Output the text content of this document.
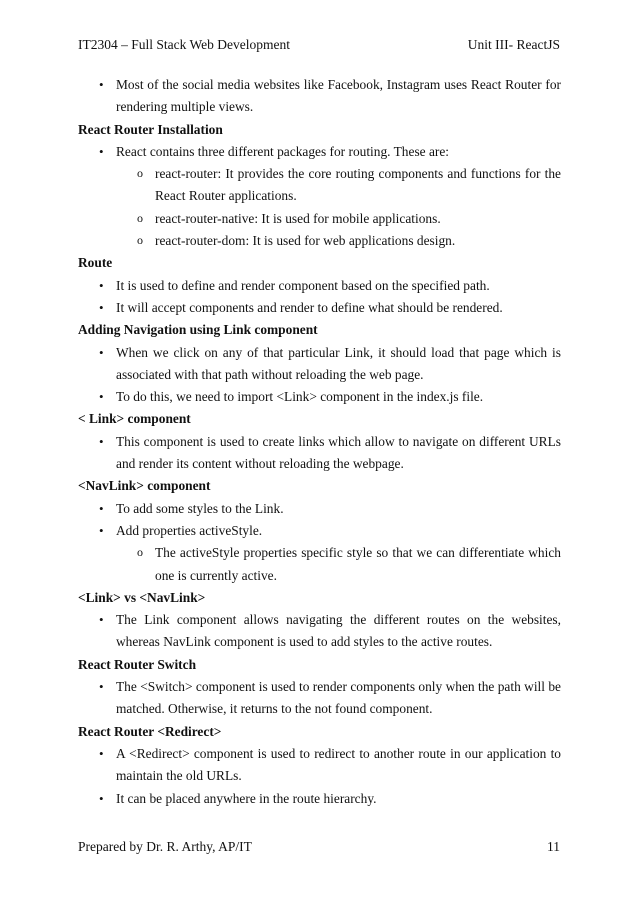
IT2304 – Full Stack Web Development	Unit III- ReactJS
• Most of the social media websites like Facebook, Instagram uses React Router for rendering multiple views.

React Router Installation

• React contains three different packages for routing. These are:
o react-router: It provides the core routing components and functions for the React Router applications.
o react-router-native: It is used for mobile applications.
o react-router-dom: It is used for web applications design.

Route

• It is used to define and render component based on the specified path.
• It will accept components and render to define what should be rendered.

Adding Navigation using Link component

• When we click on any of that particular Link, it should load that page which is associated with that path without reloading the web page.
• To do this, we need to import <Link> component in the index.js file.

< Link> component

• This component is used to create links which allow to navigate on different URLs and render its content without reloading the webpage.

<NavLink> component

• To add some styles to the Link.
• Add properties activeStyle.
o The activeStyle properties specific style so that we can differentiate which one is currently active.

<Link> vs <NavLink>

• The Link component allows navigating the different routes on the websites, whereas NavLink component is used to add styles to the active routes.

React Router Switch

• The <Switch> component is used to render components only when the path will be matched. Otherwise, it returns to the not found component.

React Router <Redirect>

• A <Redirect> component is used to redirect to another route in our application to maintain the old URLs.
• It can be placed anywhere in the route hierarchy.
Prepared by Dr. R. Arthy, AP/IT	11
